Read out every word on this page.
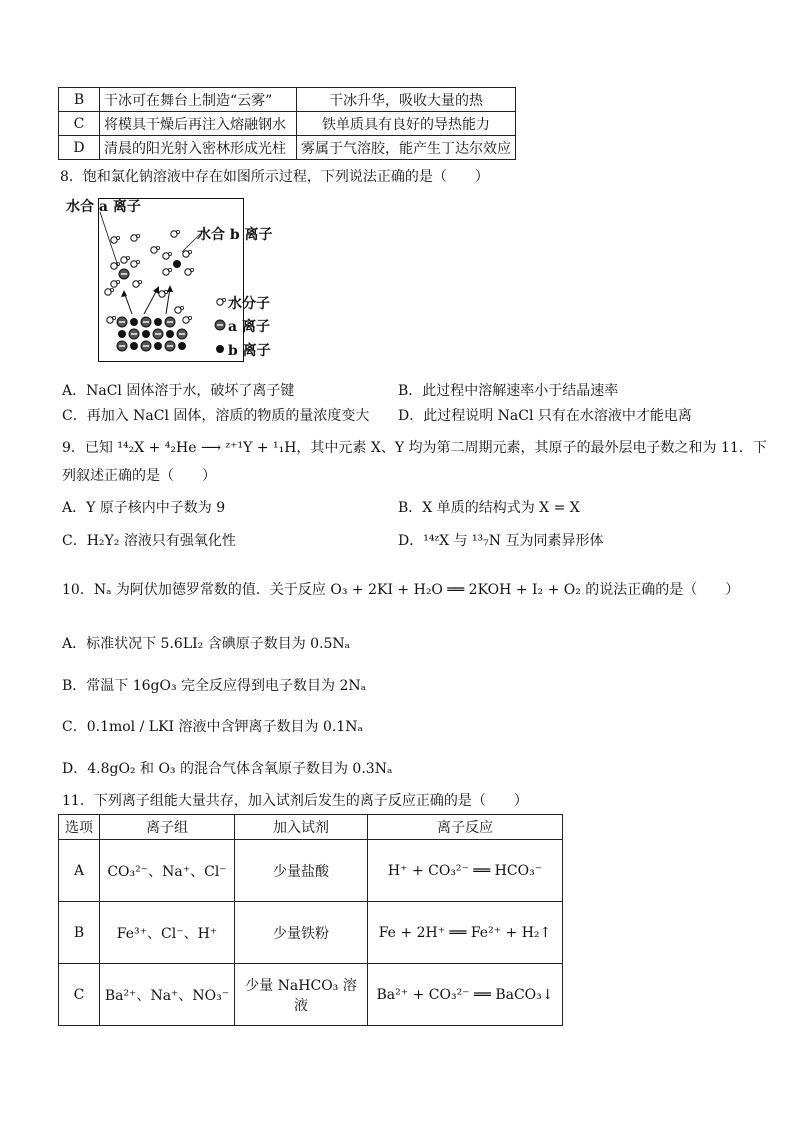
B	干冰可在舞台上制造“云雾”	干冰升华，吸收大量的热
C	将模具干燥后再注入熔融钢水	铁单质具有良好的导热能力
D	清晨的阳光射入密林形成光柱	雾属于气溶胶，能产生丁达尔效应
8．饱和氯化钠溶液中存在如图所示过程，下列说法正确的是（　　）
水合 a 离子
水合 b 离子
水分子
a 离子
b 离子
A．NaCl 固体溶于水，破坏了离子键	B．此过程中溶解速率小于结晶速率
C．再加入 NaCl 固体，溶质的物质的量浓度变大 D．此过程说明 NaCl 只有在水溶液中才能电离
9．已知 ¹⁴₂X + ⁴₂He ⟶ ᶻ⁺¹Y + ¹₁H，其中元素 X、Y 均为第二周期元素，其原子的最外层电子数之和为 11．下
列叙述正确的是（　　）
A．Y 原子核内中子数为 9	B．X 单质的结构式为 X = X
C．H₂Y₂ 溶液只有强氧化性	D．¹⁴ᶻX 与 ¹³₇N 互为同素异形体
10．Nₐ 为阿伏加德罗常数的值．关于反应 O₃ + 2KI + H₂O ══ 2KOH + I₂ + O₂ 的说法正确的是（　　）
A．标准状况下 5.6LI₂ 含碘原子数目为 0.5Nₐ
B．常温下 16gO₃ 完全反应得到电子数目为 2Nₐ
C．0.1mol / LKI 溶液中含钾离子数目为 0.1Nₐ
D．4.8gO₂ 和 O₃ 的混合气体含氧原子数目为 0.3Nₐ
11．下列离子组能大量共存，加入试剂后发生的离子反应正确的是（　　）
选项	离子组	加入试剂	离子反应
A	CO₃²⁻、Na⁺、Cl⁻	少量盐酸	H⁺ + CO₃²⁻ ══ HCO₃⁻
B	Fe³⁺、Cl⁻、H⁺	少量铁粉	Fe + 2H⁺ ══ Fe²⁺ + H₂↑
C	Ba²⁺、Na⁺、NO₃⁻	少量 NaHCO₃ 溶液	Ba²⁺ + CO₃²⁻ ══ BaCO₃↓
